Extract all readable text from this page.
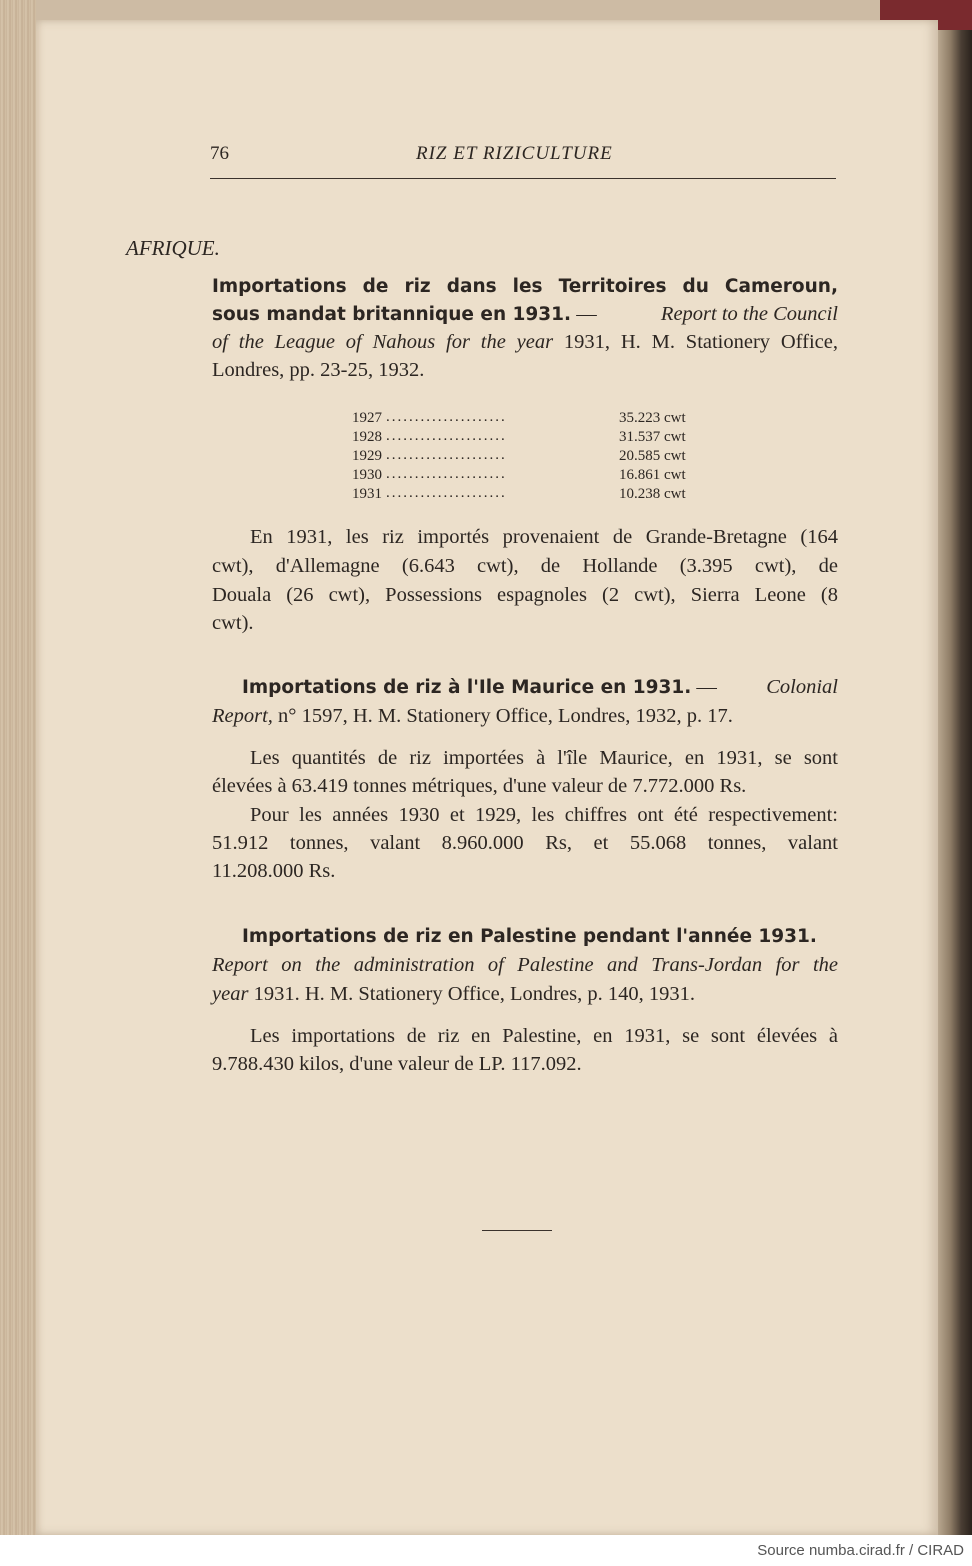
76	RIZ ET RIZICULTURE
AFRIQUE.
Importations de riz dans les Territoires du Cameroun,
sous mandat britannique en 1931. —	Report to the Council
of the League of Nahous for the year 1931, H. M. Stationery Office,
Londres, pp. 23-25, 1932.
1927 .....................	35.223 cwt
1928 .....................	31.537 cwt
1929 .....................	20.585 cwt
1930 .....................	16.861 cwt
1931 .....................	10.238 cwt
En 1931, les riz importés provenaient de Grande-Bretagne (164
cwt), d'Allemagne (6.643 cwt), de Hollande (3.395 cwt), de
Douala (26 cwt), Possessions espagnoles (2 cwt), Sierra Leone (8
cwt).
Importations de riz à l'Ile Maurice en 1931. — Colonial
Report, n° 1597, H. M. Stationery Office, Londres, 1932, p. 17.
Les quantités de riz importées à l'île Maurice, en 1931, se sont
élevées à 63.419 tonnes métriques, d'une valeur de 7.772.000 Rs.
Pour les années 1930 et 1929, les chiffres ont été respectivement:
51.912 tonnes, valant 8.960.000 Rs, et 55.068 tonnes, valant
11.208.000 Rs.
Importations de riz en Palestine pendant l'année 1931.
Report on the administration of Palestine and Trans-Jordan for the
year 1931. H. M. Stationery Office, Londres, p. 140, 1931.
Les importations de riz en Palestine, en 1931, se sont élevées à
9.788.430 kilos, d'une valeur de LP. 117.092.
Source numba.cirad.fr / CIRAD
